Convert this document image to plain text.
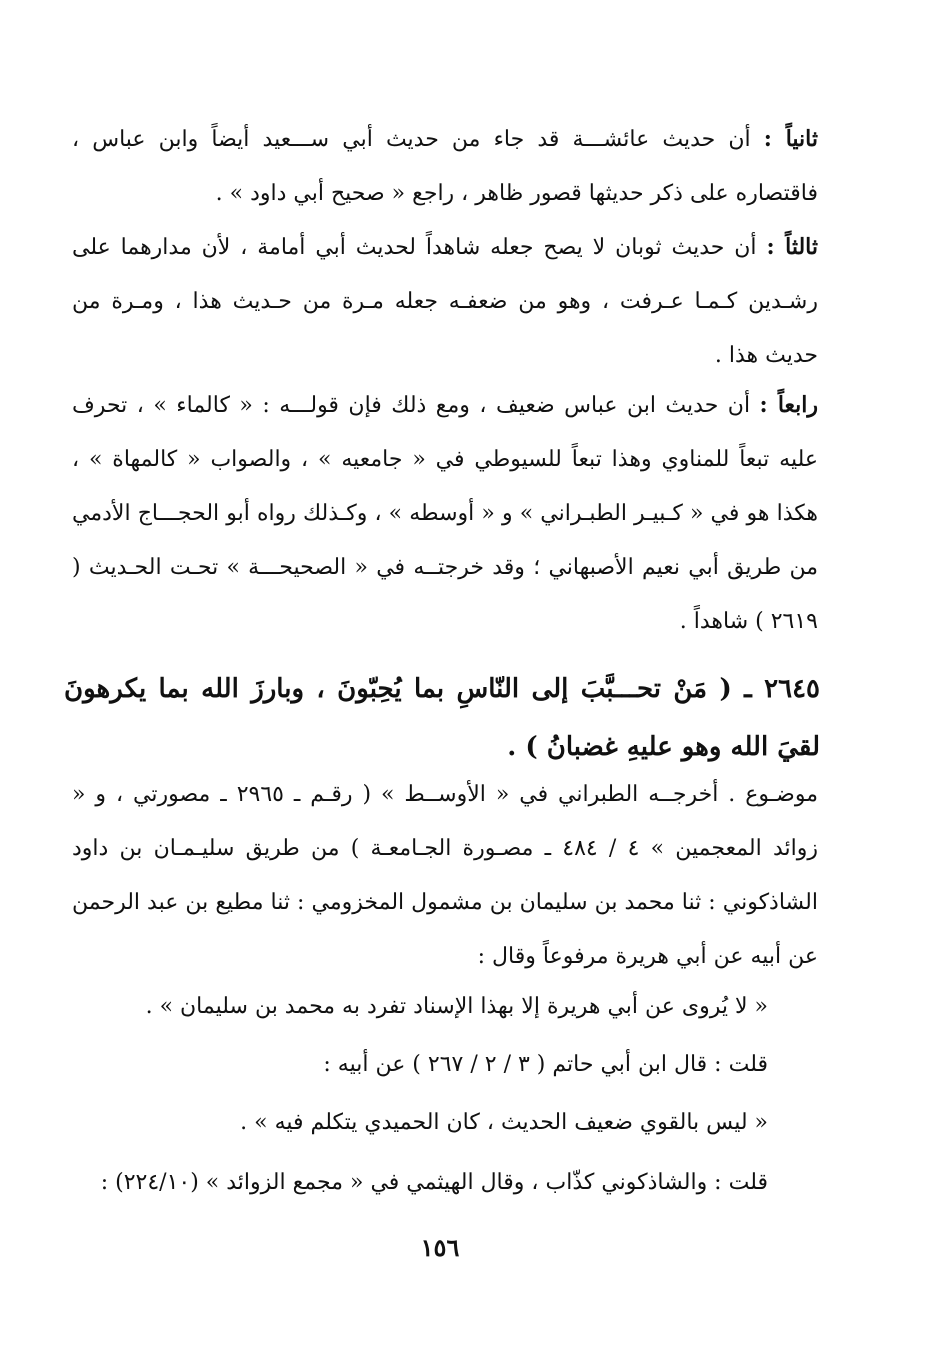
ثانياً : أن حديث عائشـــة قد جاء من حديث أبي ســـعيد أيضاً وابن عباس ، فاقتصاره على ذكر حديثها قصور ظاهر ، راجع « صحيح أبي داود » .

ثالثاً : أن حديث ثوبان لا يصح جعله شاهداً لحديث أبي أمامة ، لأن مدارهما على رشـدين كـمـا عـرفت ، وهو من ضعفـه جعله مـرة من حـديث هذا ، ومـرة من حديث هذا .

رابعاً : أن حديث ابن عباس ضعيف ، ومع ذلك فإن قولـــه : « كالماء » ، تحرف عليه تبعاً للمناوي وهذا تبعاً للسيوطي في « جامعيه » ، والصواب « كالمهاة » ، هكذا هو في « كـبيـر الطبـراني » و « أوسطه » ، وكـذلك رواه أبو الحجـــاج الأدمي من طريق أبي نعيم الأصبهاني ؛ وقد خرجتــه في « الصحيحـــة » تحـت الحـديث ( ٢٦١٩ ) شاهداً .

٢٦٤٥ ـ ( مَنْ تحـــبَّبَ إلى النّاسِ بما يُحِبّونَ ، وبارزَ الله بما يكرهونَ لقيَ الله وهو عليهِ غضبانُ ) .

موضـوع . أخرجــه الطبراني في « الأوســط » ( رقـم ـ ٢٩٦٥ ـ مصورتي ، و « زوائد المعجمين » ٤ / ٤٨٤ ـ مصـورة الجـامعـة ) من طريق سليـمـان بن داود الشاذكوني : ثنا محمد بن سليمان بن مشمول المخزومي : ثنا مطيع بن عبد الرحمن عن أبيه عن أبي هريرة مرفوعاً وقال :

« لا يُروى عن أبي هريرة إلا بهذا الإسناد تفرد به محمد بن سليمان » .

قلت : قال ابن أبي حاتم ( ٣ / ٢ / ٢٦٧ ) عن أبيه :

« ليس بالقوي ضعيف الحديث ، كان الحميدي يتكلم فيه » .

قلت : والشاذكوني كذّاب ، وقال الهيثمي في « مجمع الزوائد » (٢٢٤/١٠) :

١٥٦
